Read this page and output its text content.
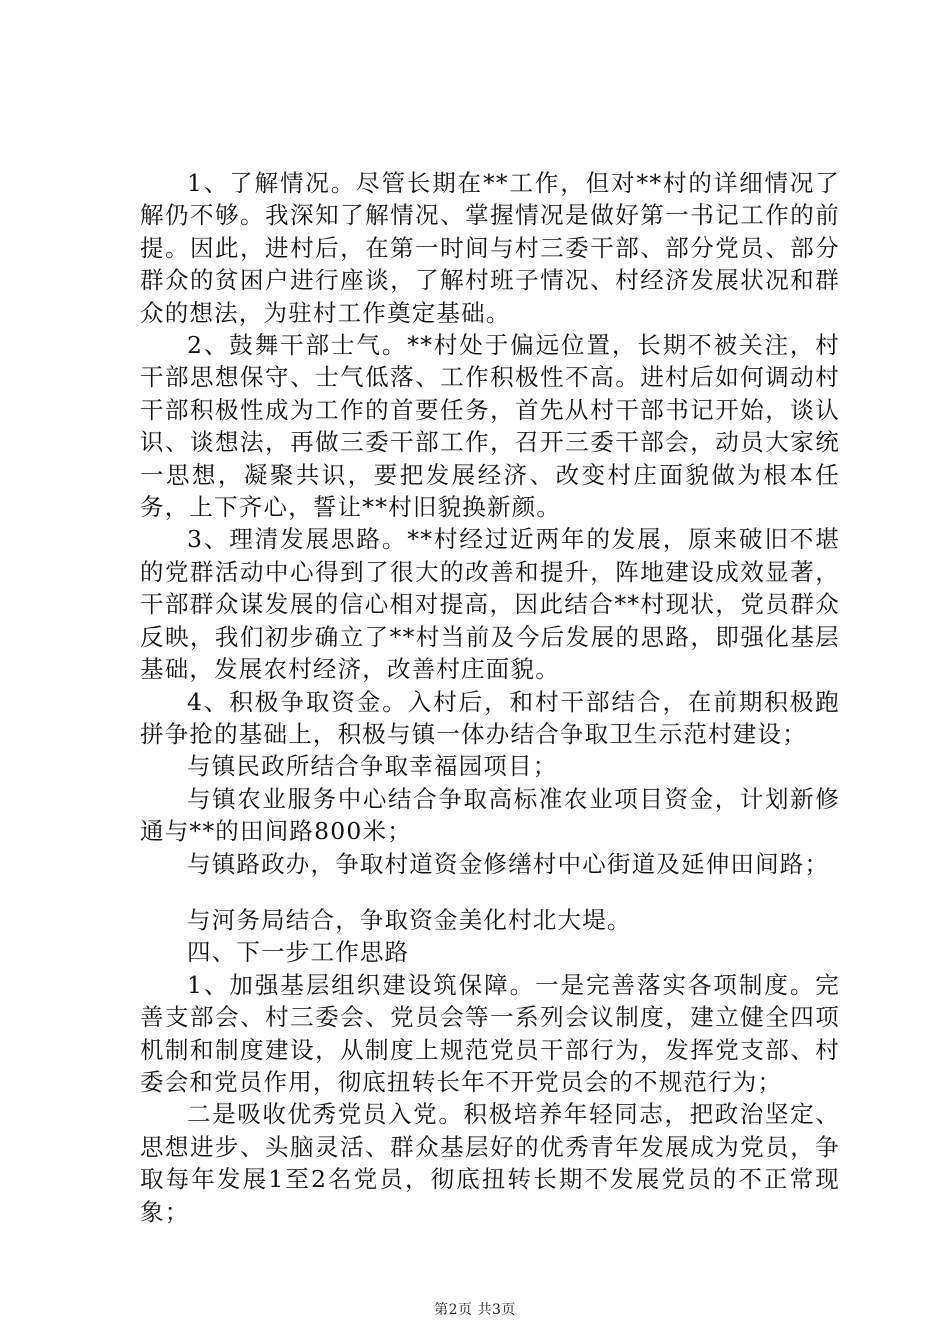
1、了解情况。尽管长期在**工作，但对**村的详细情况了解仍不够。我深知了解情况、掌握情况是做好第一书记工作的前提。因此，进村后，在第一时间与村三委干部、部分党员、部分群众的贫困户进行座谈，了解村班子情况、村经济发展状况和群众的想法，为驻村工作奠定基础。

2、鼓舞干部士气。**村处于偏远位置，长期不被关注，村干部思想保守、士气低落、工作积极性不高。进村后如何调动村干部积极性成为工作的首要任务，首先从村干部书记开始，谈认识、谈想法，再做三委干部工作，召开三委干部会，动员大家统一思想，凝聚共识，要把发展经济、改变村庄面貌做为根本任务，上下齐心，誓让**村旧貌换新颜。

3、理清发展思路。**村经过近两年的发展，原来破旧不堪的党群活动中心得到了很大的改善和提升，阵地建设成效显著，干部群众谋发展的信心相对提高，因此结合**村现状，党员群众反映，我们初步确立了**村当前及今后发展的思路，即强化基层基础，发展农村经济，改善村庄面貌。

4、积极争取资金。入村后，和村干部结合，在前期积极跑拼争抢的基础上，积极与镇一体办结合争取卫生示范村建设；

与镇民政所结合争取幸福园项目；

与镇农业服务中心结合争取高标准农业项目资金，计划新修通与**的田间路800米；

与镇路政办，争取村道资金修缮村中心街道及延伸田间路；

与河务局结合，争取资金美化村北大堤。

四、下一步工作思路

1、加强基层组织建设筑保障。一是完善落实各项制度。完善支部会、村三委会、党员会等一系列会议制度，建立健全四项机制和制度建设，从制度上规范党员干部行为，发挥党支部、村委会和党员作用，彻底扭转长年不开党员会的不规范行为；

二是吸收优秀党员入党。积极培养年轻同志，把政治坚定、思想进步、头脑灵活、群众基层好的优秀青年发展成为党员，争取每年发展1至2名党员，彻底扭转长期不发展党员的不正常现象；

第2页 共3页
